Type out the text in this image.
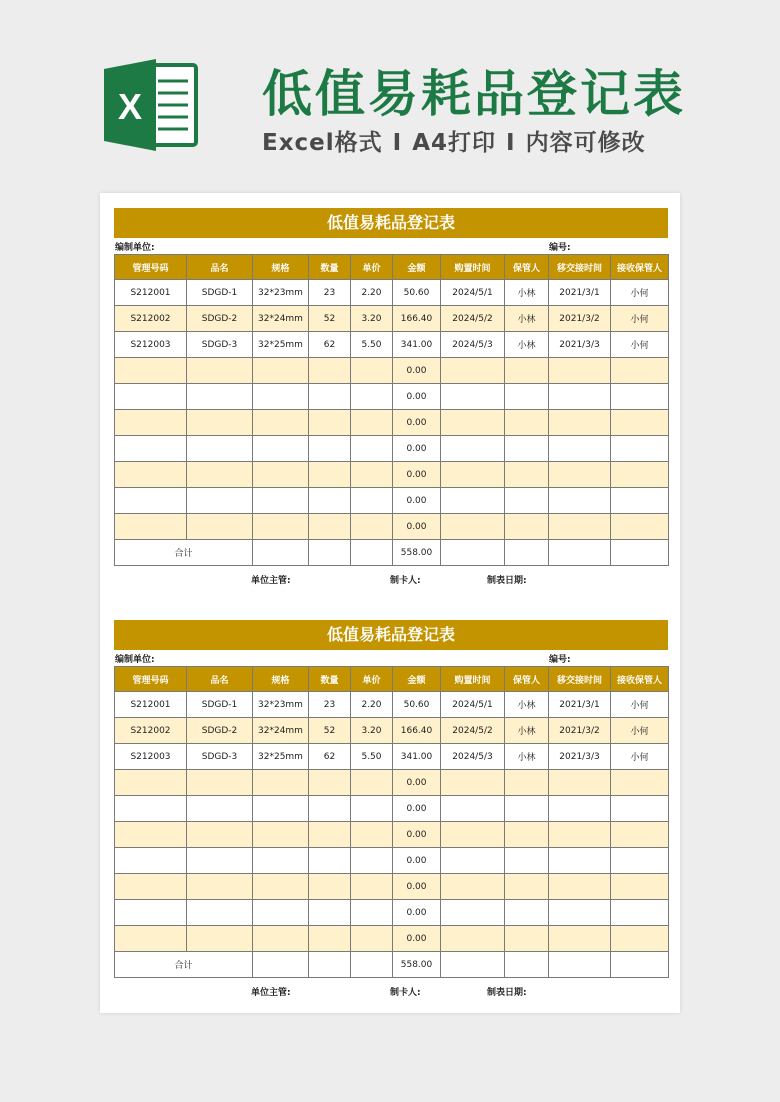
X 低值易耗品登记表
Excel格式 I A4打印 I 内容可修改
低值易耗品登记表
编制单位:	编号:
管理号码	品名	规格	数量	单价	金额	购置时间	保管人	移交接时间	接收保管人
S212001	SDGD-1	32*23mm	23	2.20	50.60	2024/5/1	小林	2021/3/1	小何
S212002	SDGD-2	32*24mm	52	3.20	166.40	2024/5/2	小林	2021/3/2	小何
S212003	SDGD-3	32*25mm	62	5.50	341.00	2024/5/3	小林	2021/3/3	小何
					0.00				
					0.00				
					0.00				
					0.00				
					0.00				
					0.00				
					0.00				
合计					558.00				
单位主管:	制卡人:	制表日期:
低值易耗品登记表
编制单位:	编号:
管理号码	品名	规格	数量	单价	金额	购置时间	保管人	移交接时间	接收保管人
S212001	SDGD-1	32*23mm	23	2.20	50.60	2024/5/1	小林	2021/3/1	小何
S212002	SDGD-2	32*24mm	52	3.20	166.40	2024/5/2	小林	2021/3/2	小何
S212003	SDGD-3	32*25mm	62	5.50	341.00	2024/5/3	小林	2021/3/3	小何
					0.00				
					0.00				
					0.00				
					0.00				
					0.00				
					0.00				
					0.00				
合计					558.00				
单位主管:	制卡人:	制表日期:
